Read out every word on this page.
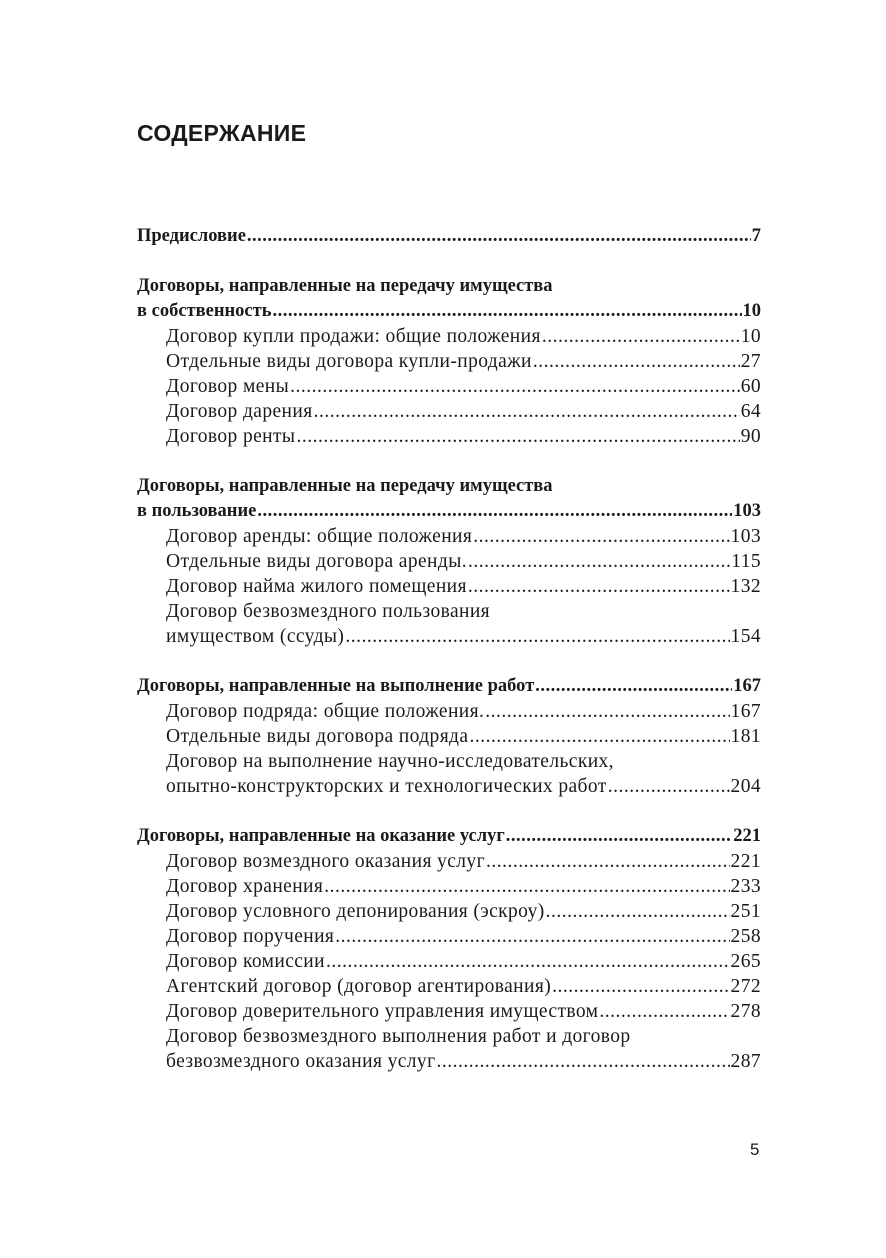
СОДЕРЖАНИЕ
Предисловие .....	7
Договоры, направленные на передачу имущества
в собственность .....	10
Договор купли продажи: общие положения .....	10
Отдельные виды договора купли-продажи .....	27
Договор мены .....	60
Договор дарения .....	64
Договор ренты .....	90
Договоры, направленные на передачу имущества
в пользование .....	103
Договор аренды: общие положения .....	103
Отдельные виды договора аренды. .....	115
Договор найма жилого помещения .....	132
Договор безвозмездного пользования
имуществом (ссуды) .....	154
Договоры, направленные на выполнение работ .....	167
Договор подряда: общие положения. .....	167
Отдельные виды договора подряда .....	181
Договор на выполнение научно-исследовательских,
опытно-конструкторских и технологических работ .....	204
Договоры, направленные на оказание услуг .....	221
Договор возмездного оказания услуг .....	221
Договор хранения .....	233
Договор условного депонирования (эскроу) .....	251
Договор поручения .....	258
Договор комиссии .....	265
Агентский договор (договор агентирования) .....	272
Договор доверительного управления имуществом .....	278
Договор безвозмездного выполнения работ и договор
безвозмездного оказания услуг .....	287
5
